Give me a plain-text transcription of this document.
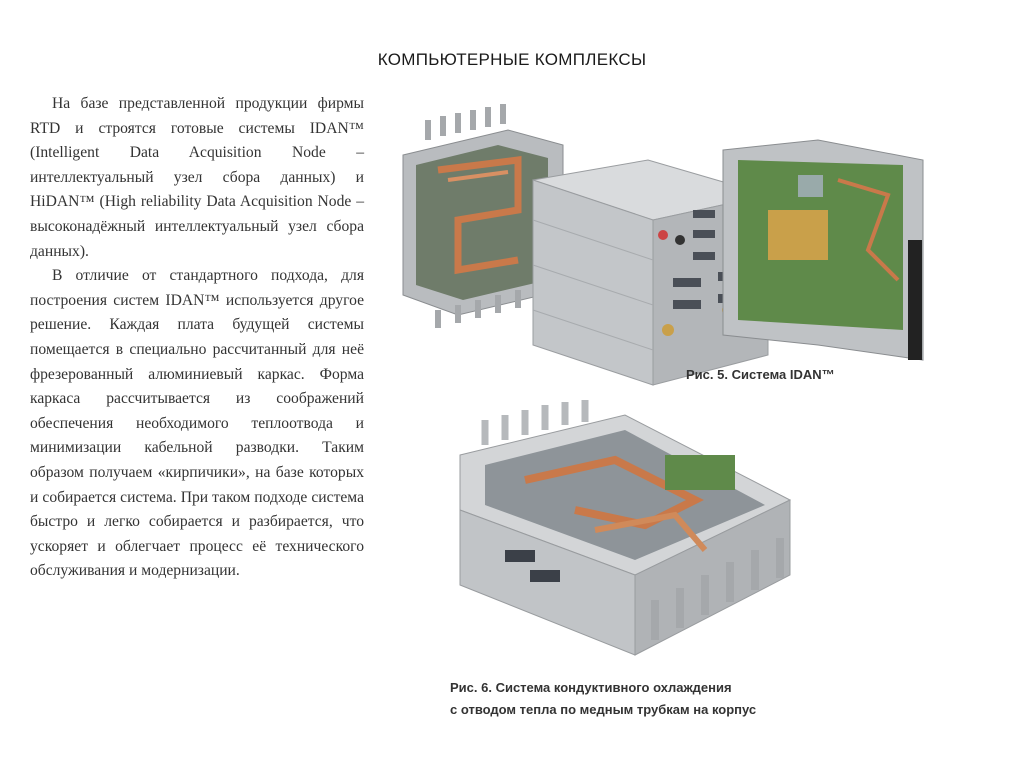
КОМПЬЮТЕРНЫЕ КОМПЛЕКСЫ

На базе представленной продукции фирмы RTD и строятся готовые системы IDAN™ (Intelligent Data Acquisition Node – интеллектуальный узел сбора данных) и HiDAN™ (High reliability Data Acquisition Node – высоконадёжный интеллектуальный узел сбора данных).

В отличие от стандартного подхода, для построения систем IDAN™ используется другое решение. Каждая плата будущей системы помещается в специально рассчитанный для неё фрезерованный алюминиевый каркас. Форма каркаса рассчитывается из соображений обеспечения необходимого теплоотвода и минимизации кабельной разводки. Таким образом получаем «кирпичики», на базе которых и собирается система. При таком подходе система быстро и легко собирается и разбирается, что ускоряет и облегчает процесс её технического обслуживания и модернизации.

Рис. 5. Система IDAN™
Рис. 6. Система кондуктивного охлаждения
с отводом тепла по медным трубкам на корпус
